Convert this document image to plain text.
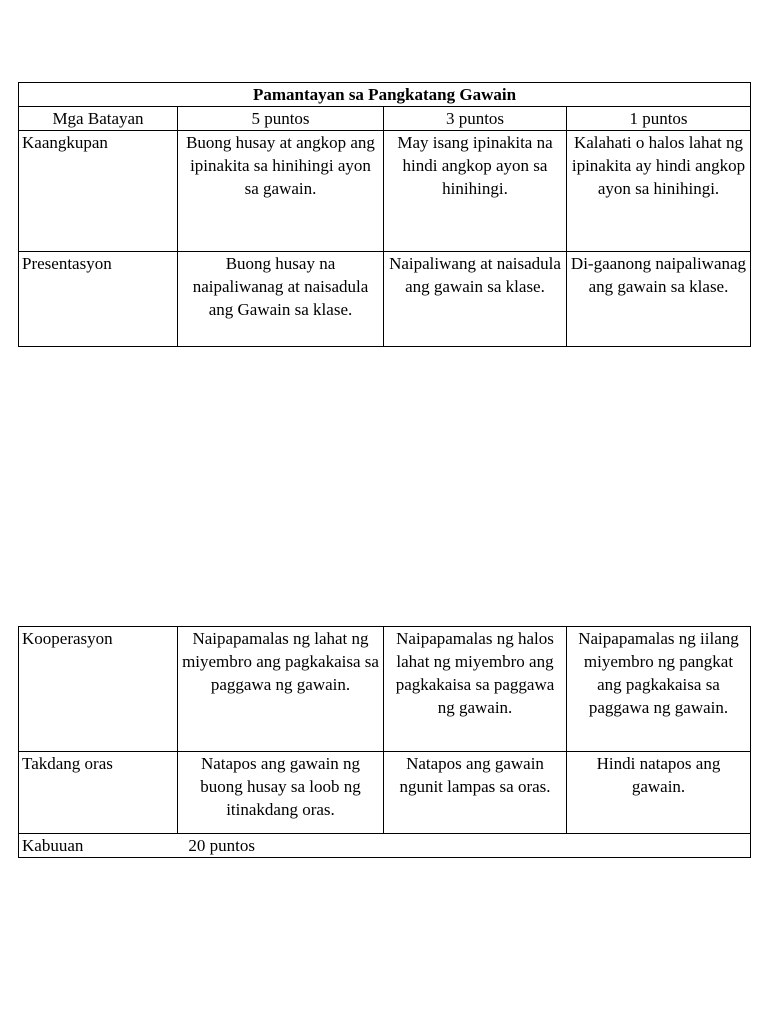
Pamantayan sa Pangkatang Gawain			
Mga Batayan	5 puntos	3 puntos	1 puntos
Kaangkupan	Buong husay at angkop ang ipinakita sa hinihingi ayon sa gawain.	May isang ipinakita na hindi angkop ayon sa hinihingi.	Kalahati o halos lahat ng ipinakita ay hindi angkop ayon sa hinihingi.
Presentasyon	Buong husay na naipaliwanag at naisadula ang Gawain sa klase.	Naipaliwang at naisadula ang gawain sa klase.	Di-gaanong naipaliwanag ang gawain sa klase.
Kooperasyon	Naipapamalas ng lahat ng miyembro ang pagkakaisa sa paggawa ng gawain.	Naipapamalas ng halos lahat ng miyembro ang pagkakaisa sa paggawa ng gawain.	Naipapamalas ng iilang miyembro ng pangkat ang pagkakaisa sa paggawa ng gawain.
Takdang oras	Natapos ang gawain ng buong husay sa loob ng itinakdang oras.	Natapos ang gawain ngunit lampas sa oras.	Hindi natapos ang gawain.
Kabuuan 20 puntos			
